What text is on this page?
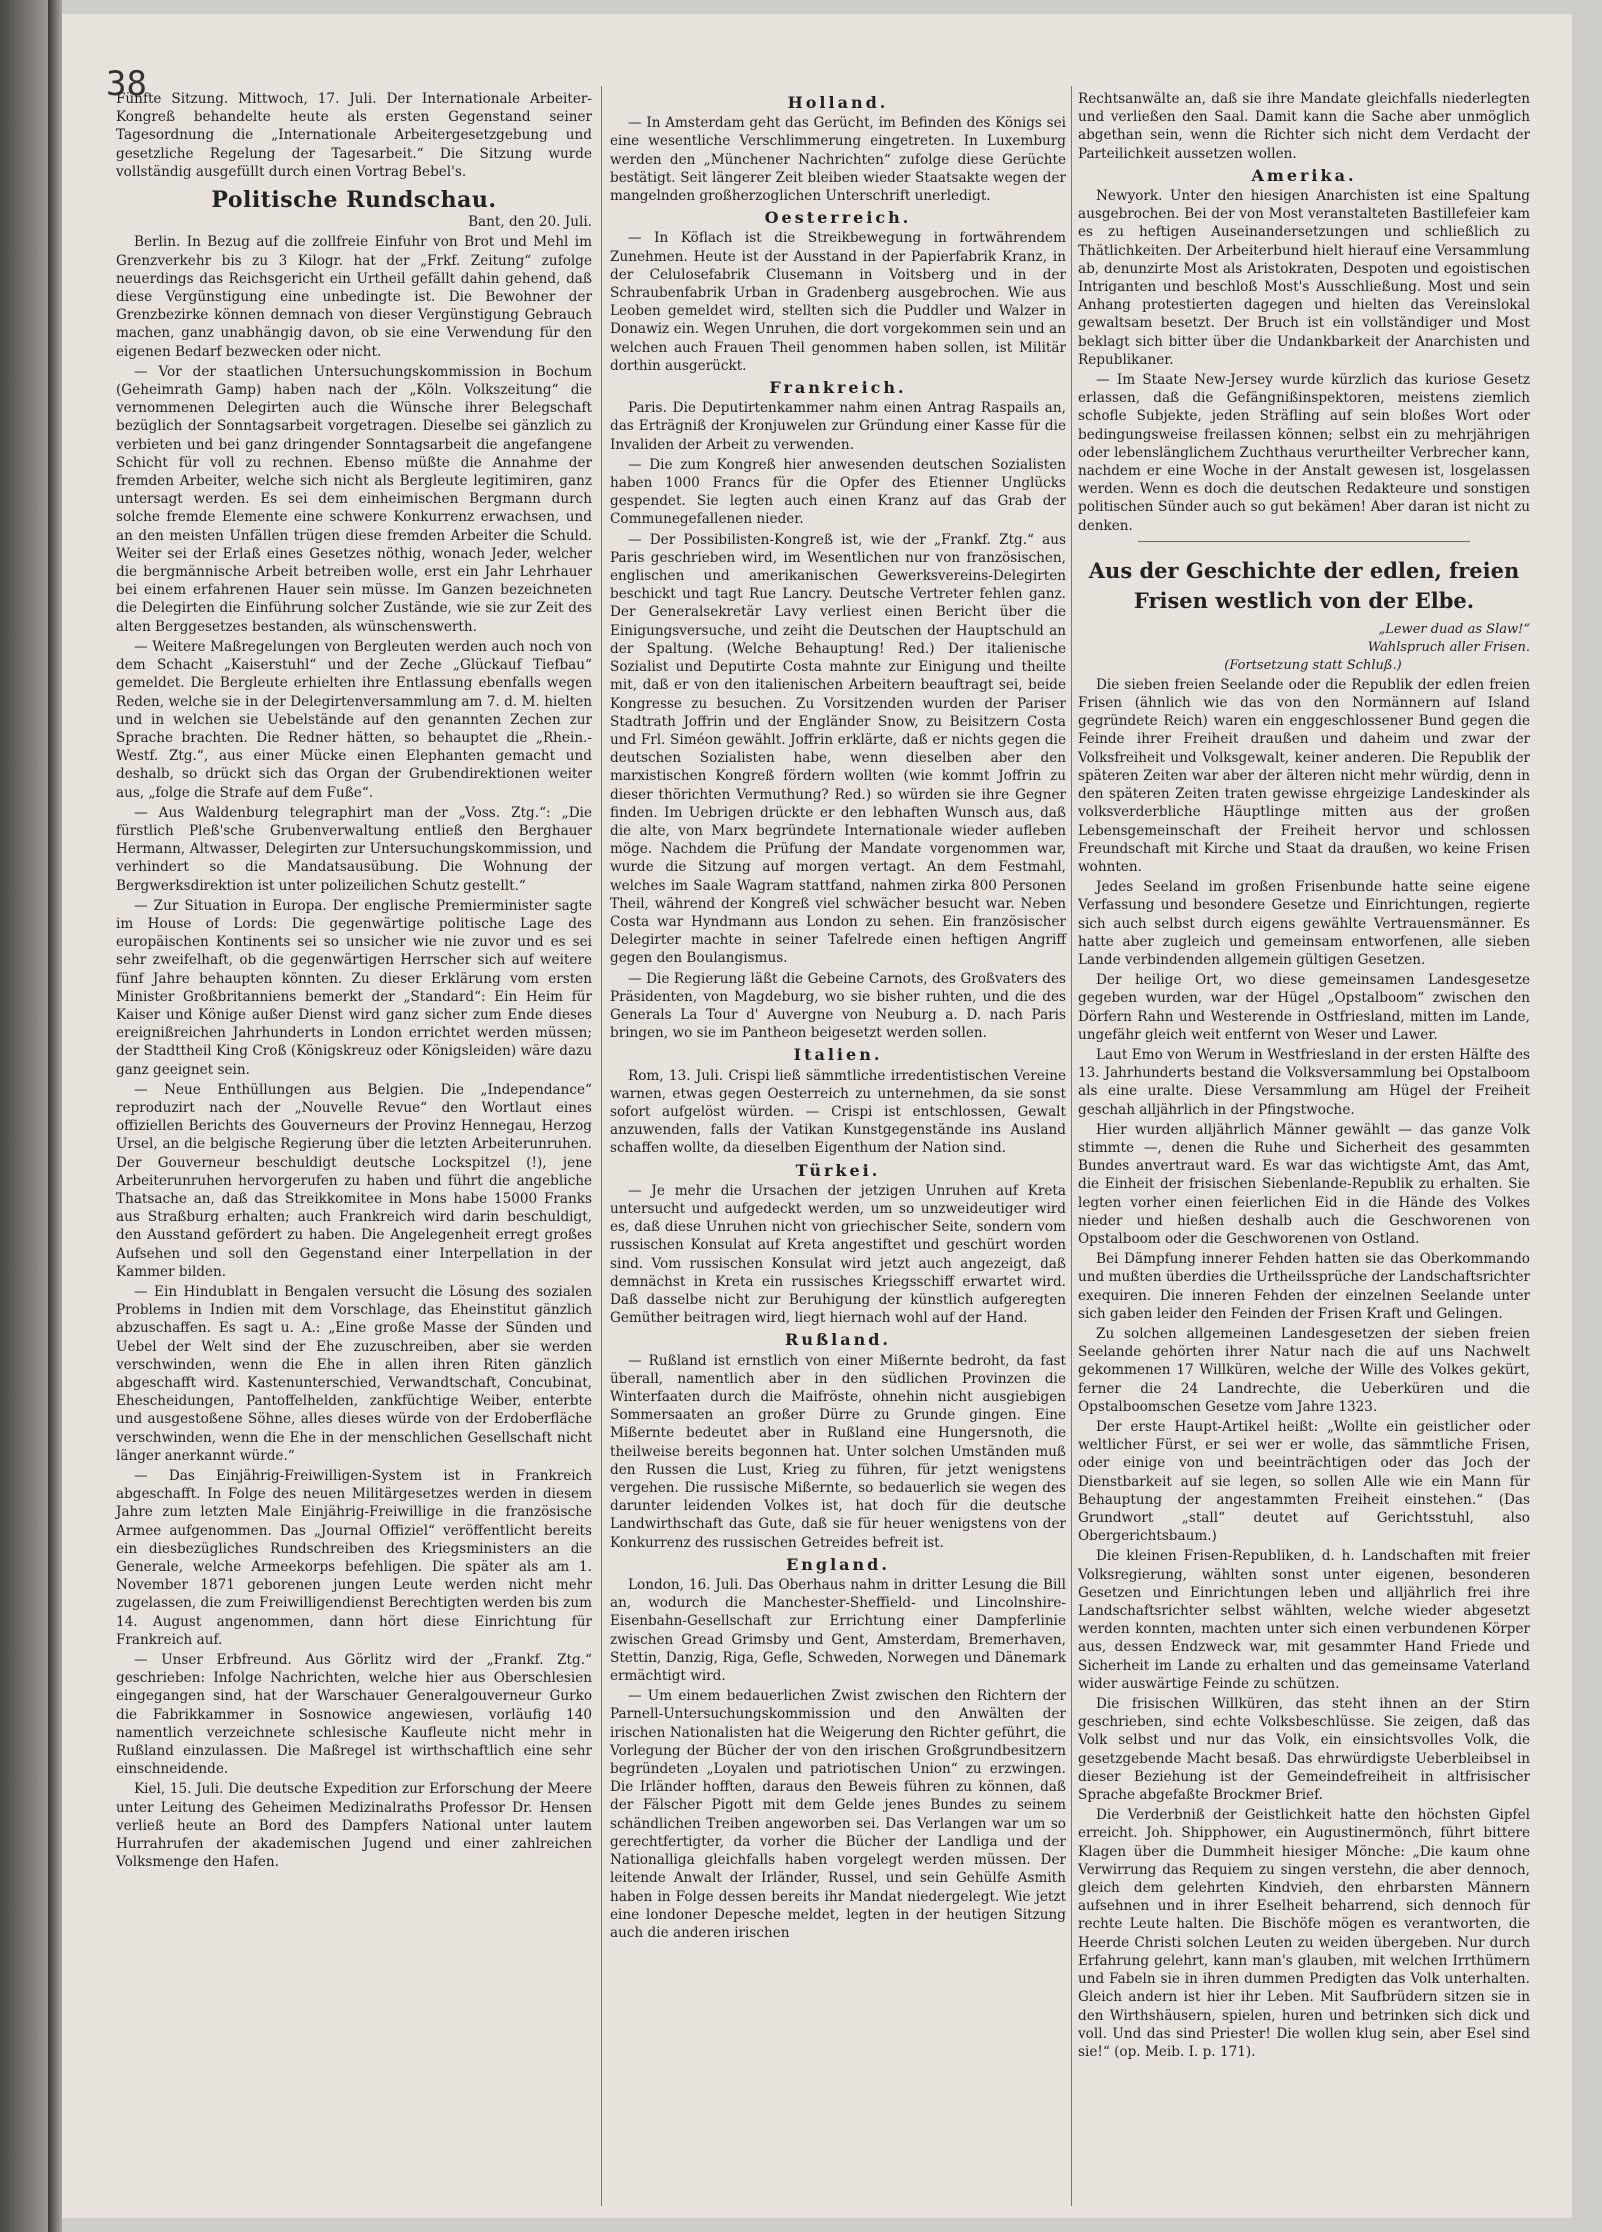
38

Fünfte Sitzung. Mittwoch, 17. Juli. Der Internationale Arbeiter-Kongreß behandelte heute als ersten Gegenstand seiner Tagesordnung die „Internationale Arbeitergesetzgebung und gesetzliche Regelung der Tagesarbeit.“ Die Sitzung wurde vollständig ausgefüllt durch einen Vortrag Bebel's.

Politische Rundschau.
Bant, den 20. Juli.

Berlin. In Bezug auf die zollfreie Einfuhr von Brot und Mehl im Grenzverkehr bis zu 3 Kilogr. hat der „Frkf. Zeitung“ zufolge neuerdings das Reichsgericht ein Urtheil gefällt dahin gehend, daß diese Vergünstigung eine unbedingte ist. Die Bewohner der Grenzbezirke können demnach von dieser Vergünstigung Gebrauch machen, ganz unabhängig davon, ob sie eine Verwendung für den eigenen Bedarf bezwecken oder nicht.

— Vor der staatlichen Untersuchungskommission in Bochum (Geheimrath Gamp) haben nach der „Köln. Volkszeitung“ die vernommenen Delegirten auch die Wünsche ihrer Belegschaft bezüglich der Sonntagsarbeit vorgetragen. Dieselbe sei gänzlich zu verbieten und bei ganz dringender Sonntagsarbeit die angefangene Schicht für voll zu rechnen. Ebenso müßte die Annahme der fremden Arbeiter, welche sich nicht als Bergleute legitimiren, ganz untersagt werden. Es sei dem einheimischen Bergmann durch solche fremde Elemente eine schwere Konkurrenz erwachsen, und an den meisten Unfällen trügen diese fremden Arbeiter die Schuld. Weiter sei der Erlaß eines Gesetzes nöthig, wonach Jeder, welcher die bergmännische Arbeit betreiben wolle, erst ein Jahr Lehrhauer bei einem erfahrenen Hauer sein müsse. Im Ganzen bezeichneten die Delegirten die Einführung solcher Zustände, wie sie zur Zeit des alten Berggesetzes bestanden, als wünschenswerth.

— Weitere Maßregelungen von Bergleuten werden auch noch von dem Schacht „Kaiserstuhl“ und der Zeche „Glückauf Tiefbau“ gemeldet. Die Bergleute erhielten ihre Entlassung ebenfalls wegen Reden, welche sie in der Delegirtenversammlung am 7. d. M. hielten und in welchen sie Uebelstände auf den genannten Zechen zur Sprache brachten. Die Redner hätten, so behauptet die „Rhein.-Westf. Ztg.“, aus einer Mücke einen Elephanten gemacht und deshalb, so drückt sich das Organ der Grubendirektionen weiter aus, „folge die Strafe auf dem Fuße“.

— Aus Waldenburg telegraphirt man der „Voss. Ztg.“: „Die fürstlich Pleß'sche Grubenverwaltung entließ den Berghauer Hermann, Altwasser, Delegirten zur Untersuchungskommission, und verhindert so die Mandatsausübung. Die Wohnung der Bergwerksdirektion ist unter polizeilichen Schutz gestellt.“

— Zur Situation in Europa. Der englische Premierminister sagte im House of Lords: Die gegenwärtige politische Lage des europäischen Kontinents sei so unsicher wie nie zuvor und es sei sehr zweifelhaft, ob die gegenwärtigen Herrscher sich auf weitere fünf Jahre behaupten könnten. Zu dieser Erklärung vom ersten Minister Großbritanniens bemerkt der „Standard“: Ein Heim für Kaiser und Könige außer Dienst wird ganz sicher zum Ende dieses ereignißreichen Jahrhunderts in London errichtet werden müssen; der Stadttheil King Croß (Königskreuz oder Königsleiden) wäre dazu ganz geeignet sein.

— Neue Enthüllungen aus Belgien. Die „Independance“ reproduzirt nach der „Nouvelle Revue“ den Wortlaut eines offiziellen Berichts des Gouverneurs der Provinz Hennegau, Herzog Ursel, an die belgische Regierung über die letzten Arbeiterunruhen. Der Gouverneur beschuldigt deutsche Lockspitzel (!), jene Arbeiterunruhen hervorgerufen zu haben und führt die angebliche Thatsache an, daß das Streikkomitee in Mons habe 15000 Franks aus Straßburg erhalten; auch Frankreich wird darin beschuldigt, den Ausstand gefördert zu haben. Die Angelegenheit erregt großes Aufsehen und soll den Gegenstand einer Interpellation in der Kammer bilden.

— Ein Hindublatt in Bengalen versucht die Lösung des sozialen Problems in Indien mit dem Vorschlage, das Eheinstitut gänzlich abzuschaffen. Es sagt u. A.: „Eine große Masse der Sünden und Uebel der Welt sind der Ehe zuzuschreiben, aber sie werden verschwinden, wenn die Ehe in allen ihren Riten gänzlich abgeschafft wird. Kastenunterschied, Verwandtschaft, Concubinat, Ehescheidungen, Pantoffelhelden, zankfüchtige Weiber, enterbte und ausgestoßene Söhne, alles dieses würde von der Erdoberfläche verschwinden, wenn die Ehe in der menschlichen Gesellschaft nicht länger anerkannt würde.“

— Das Einjährig-Freiwilligen-System ist in Frankreich abgeschafft. In Folge des neuen Militärgesetzes werden in diesem Jahre zum letzten Male Einjährig-Freiwillige in die französische Armee aufgenommen. Das „Journal Offiziel“ veröffentlicht bereits ein diesbezügliches Rundschreiben des Kriegsministers an die Generale, welche Armeekorps befehligen. Die später als am 1. November 1871 geborenen jungen Leute werden nicht mehr zugelassen, die zum Freiwilligendienst Berechtigten werden bis zum 14. August angenommen, dann hört diese Einrichtung für Frankreich auf.

— Unser Erbfreund. Aus Görlitz wird der „Frankf. Ztg.“ geschrieben: Infolge Nachrichten, welche hier aus Oberschlesien eingegangen sind, hat der Warschauer Generalgouverneur Gurko die Fabrikkammer in Sosnowice angewiesen, vorläufig 140 namentlich verzeichnete schlesische Kaufleute nicht mehr in Rußland einzulassen. Die Maßregel ist wirthschaftlich eine sehr einschneidende.

Kiel, 15. Juli. Die deutsche Expedition zur Erforschung der Meere unter Leitung des Geheimen Medizinalraths Professor Dr. Hensen verließ heute an Bord des Dampfers National unter lautem Hurrahrufen der akademischen Jugend und einer zahlreichen Volksmenge den Hafen.

Holland.

— In Amsterdam geht das Gerücht, im Befinden des Königs sei eine wesentliche Verschlimmerung eingetreten. In Luxemburg werden den „Münchener Nachrichten“ zufolge diese Gerüchte bestätigt. Seit längerer Zeit bleiben wieder Staatsakte wegen der mangelnden großherzoglichen Unterschrift unerledigt.

Oesterreich.

— In Köflach ist die Streikbewegung in fortwährendem Zunehmen. Heute ist der Ausstand in der Papierfabrik Kranz, in der Celulosefabrik Clusemann in Voitsberg und in der Schraubenfabrik Urban in Gradenberg ausgebrochen. Wie aus Leoben gemeldet wird, stellten sich die Puddler und Walzer in Donawiz ein. Wegen Unruhen, die dort vorgekommen sein und an welchen auch Frauen Theil genommen haben sollen, ist Militär dorthin ausgerückt.

Frankreich.

Paris. Die Deputirtenkammer nahm einen Antrag Raspails an, das Erträgniß der Kronjuwelen zur Gründung einer Kasse für die Invaliden der Arbeit zu verwenden.

— Die zum Kongreß hier anwesenden deutschen Sozialisten haben 1000 Francs für die Opfer des Etienner Unglücks gespendet. Sie legten auch einen Kranz auf das Grab der Communegefallenen nieder.

— Der Possibilisten-Kongreß ist, wie der „Frankf. Ztg.“ aus Paris geschrieben wird, im Wesentlichen nur von französischen, englischen und amerikanischen Gewerksvereins-Delegirten beschickt und tagt Rue Lancry. Deutsche Vertreter fehlen ganz. Der Generalsekretär Lavy verliest einen Bericht über die Einigungsversuche, und zeiht die Deutschen der Hauptschuld an der Spaltung. (Welche Behauptung! Red.) Der italienische Sozialist und Deputirte Costa mahnte zur Einigung und theilte mit, daß er von den italienischen Arbeitern beauftragt sei, beide Kongresse zu besuchen. Zu Vorsitzenden wurden der Pariser Stadtrath Joffrin und der Engländer Snow, zu Beisitzern Costa und Frl. Siméon gewählt. Joffrin erklärte, daß er nichts gegen die deutschen Sozialisten habe, wenn dieselben aber den marxistischen Kongreß fördern wollten (wie kommt Joffrin zu dieser thörichten Vermuthung? Red.) so würden sie ihre Gegner finden. Im Uebrigen drückte er den lebhaften Wunsch aus, daß die alte, von Marx begründete Internationale wieder aufleben möge. Nachdem die Prüfung der Mandate vorgenommen war, wurde die Sitzung auf morgen vertagt. An dem Festmahl, welches im Saale Wagram stattfand, nahmen zirka 800 Personen Theil, während der Kongreß viel schwächer besucht war. Neben Costa war Hyndmann aus London zu sehen. Ein französischer Delegirter machte in seiner Tafelrede einen heftigen Angriff gegen den Boulangismus.

— Die Regierung läßt die Gebeine Carnots, des Großvaters des Präsidenten, von Magdeburg, wo sie bisher ruhten, und die des Generals La Tour d' Auvergne von Neuburg a. D. nach Paris bringen, wo sie im Pantheon beigesetzt werden sollen.

Italien.

Rom, 13. Juli. Crispi ließ sämmtliche irredentistischen Vereine warnen, etwas gegen Oesterreich zu unternehmen, da sie sonst sofort aufgelöst würden. — Crispi ist entschlossen, Gewalt anzuwenden, falls der Vatikan Kunstgegenstände ins Ausland schaffen wollte, da dieselben Eigenthum der Nation sind.

Türkei.

— Je mehr die Ursachen der jetzigen Unruhen auf Kreta untersucht und aufgedeckt werden, um so unzweideutiger wird es, daß diese Unruhen nicht von griechischer Seite, sondern vom russischen Konsulat auf Kreta angestiftet und geschürt worden sind. Vom russischen Konsulat wird jetzt auch angezeigt, daß demnächst in Kreta ein russisches Kriegsschiff erwartet wird. Daß dasselbe nicht zur Beruhigung der künstlich aufgeregten Gemüther beitragen wird, liegt hiernach wohl auf der Hand.

Rußland.

— Rußland ist ernstlich von einer Mißernte bedroht, da fast überall, namentlich aber in den südlichen Provinzen die Winterfaaten durch die Maifröste, ohnehin nicht ausgiebigen Sommersaaten an großer Dürre zu Grunde gingen. Eine Mißernte bedeutet aber in Rußland eine Hungersnoth, die theilweise bereits begonnen hat. Unter solchen Umständen muß den Russen die Lust, Krieg zu führen, für jetzt wenigstens vergehen. Die russische Mißernte, so bedauerlich sie wegen des darunter leidenden Volkes ist, hat doch für die deutsche Landwirthschaft das Gute, daß sie für heuer wenigstens von der Konkurrenz des russischen Getreides befreit ist.

England.

London, 16. Juli. Das Oberhaus nahm in dritter Lesung die Bill an, wodurch die Manchester-Sheffield- und Lincolnshire-Eisenbahn-Gesellschaft zur Errichtung einer Dampferlinie zwischen Gread Grimsby und Gent, Amsterdam, Bremerhaven, Stettin, Danzig, Riga, Gefle, Schweden, Norwegen und Dänemark ermächtigt wird.

— Um einem bedauerlichen Zwist zwischen den Richtern der Parnell-Untersuchungskommission und den Anwälten der irischen Nationalisten hat die Weigerung den Richter geführt, die Vorlegung der Bücher der von den irischen Großgrundbesitzern begründeten „Loyalen und patriotischen Union“ zu erzwingen. Die Irländer hofften, daraus den Beweis führen zu können, daß der Fälscher Pigott mit dem Gelde jenes Bundes zu seinem schändlichen Treiben angeworben sei. Das Verlangen war um so gerechtfertigter, da vorher die Bücher der Landliga und der Nationalliga gleichfalls haben vorgelegt werden müssen. Der leitende Anwalt der Irländer, Russel, und sein Gehülfe Asmith haben in Folge dessen bereits ihr Mandat niedergelegt. Wie jetzt eine londoner Depesche meldet, legten in der heutigen Sitzung auch die anderen irischen

Rechtsanwälte an, daß sie ihre Mandate gleichfalls niederlegten und verließen den Saal. Damit kann die Sache aber unmöglich abgethan sein, wenn die Richter sich nicht dem Verdacht der Parteilichkeit aussetzen wollen.

Amerika.

Newyork. Unter den hiesigen Anarchisten ist eine Spaltung ausgebrochen. Bei der von Most veranstalteten Bastillefeier kam es zu heftigen Auseinandersetzungen und schließlich zu Thätlichkeiten. Der Arbeiterbund hielt hierauf eine Versammlung ab, denunzirte Most als Aristokraten, Despoten und egoistischen Intriganten und beschloß Most's Ausschließung. Most und sein Anhang protestierten dagegen und hielten das Vereinslokal gewaltsam besetzt. Der Bruch ist ein vollständiger und Most beklagt sich bitter über die Undankbarkeit der Anarchisten und Republikaner.

— Im Staate New-Jersey wurde kürzlich das kuriose Gesetz erlassen, daß die Gefängnißinspektoren, meistens ziemlich schofle Subjekte, jeden Sträfling auf sein bloßes Wort oder bedingungsweise freilassen können; selbst ein zu mehrjährigen oder lebenslänglichem Zuchthaus verurtheilter Verbrecher kann, nachdem er eine Woche in der Anstalt gewesen ist, losgelassen werden. Wenn es doch die deutschen Redakteure und sonstigen politischen Sünder auch so gut bekämen! Aber daran ist nicht zu denken.

Aus der Geschichte der edlen, freien
Frisen westlich von der Elbe.

„Lewer duad as Slaw!“

Wahlspruch aller Frisen.

(Fortsetzung statt Schluß.)

Die sieben freien Seelande oder die Republik der edlen freien Frisen (ähnlich wie das von den Normännern auf Island gegründete Reich) waren ein enggeschlossener Bund gegen die Feinde ihrer Freiheit draußen und daheim und zwar der Volksfreiheit und Volksgewalt, keiner anderen. Die Republik der späteren Zeiten war aber der älteren nicht mehr würdig, denn in den späteren Zeiten traten gewisse ehrgeizige Landeskinder als volksverderbliche Häuptlinge mitten aus der großen Lebensgemeinschaft der Freiheit hervor und schlossen Freundschaft mit Kirche und Staat da draußen, wo keine Frisen wohnten.

Jedes Seeland im großen Frisenbunde hatte seine eigene Verfassung und besondere Gesetze und Einrichtungen, regierte sich auch selbst durch eigens gewählte Vertrauensmänner. Es hatte aber zugleich und gemeinsam entworfenen, alle sieben Lande verbindenden allgemein gültigen Gesetzen.

Der heilige Ort, wo diese gemeinsamen Landesgesetze gegeben wurden, war der Hügel „Opstalboom“ zwischen den Dörfern Rahn und Westerende in Ostfriesland, mitten im Lande, ungefähr gleich weit entfernt von Weser und Lawer.

Laut Emo von Werum in Westfriesland in der ersten Hälfte des 13. Jahrhunderts bestand die Volksversammlung bei Opstalboom als eine uralte. Diese Versammlung am Hügel der Freiheit geschah alljährlich in der Pfingstwoche.

Hier wurden alljährlich Männer gewählt — das ganze Volk stimmte —, denen die Ruhe und Sicherheit des gesammten Bundes anvertraut ward. Es war das wichtigste Amt, das Amt, die Einheit der frisischen Siebenlande-Republik zu erhalten. Sie legten vorher einen feierlichen Eid in die Hände des Volkes nieder und hießen deshalb auch die Geschworenen von Opstalboom oder die Geschworenen von Ostland.

Bei Dämpfung innerer Fehden hatten sie das Oberkommando und mußten überdies die Urtheilssprüche der Landschaftsrichter exequiren. Die inneren Fehden der einzelnen Seelande unter sich gaben leider den Feinden der Frisen Kraft und Gelingen.

Zu solchen allgemeinen Landesgesetzen der sieben freien Seelande gehörten ihrer Natur nach die auf uns Nachwelt gekommenen 17 Willküren, welche der Wille des Volkes gekürt, ferner die 24 Landrechte, die Ueberküren und die Opstalboomschen Gesetze vom Jahre 1323.

Der erste Haupt-Artikel heißt: „Wollte ein geistlicher oder weltlicher Fürst, er sei wer er wolle, das sämmtliche Frisen, oder einige von und beeinträchtigen oder das Joch der Dienstbarkeit auf sie legen, so sollen Alle wie ein Mann für Behauptung der angestammten Freiheit einstehen.“ (Das Grundwort „stall“ deutet auf Gerichtsstuhl, also Obergerichtsbaum.)

Die kleinen Frisen-Republiken, d. h. Landschaften mit freier Volksregierung, wählten sonst unter eigenen, besonderen Gesetzen und Einrichtungen leben und alljährlich frei ihre Landschaftsrichter selbst wählten, welche wieder abgesetzt werden konnten, machten unter sich einen verbundenen Körper aus, dessen Endzweck war, mit gesammter Hand Friede und Sicherheit im Lande zu erhalten und das gemeinsame Vaterland wider auswärtige Feinde zu schützen.

Die frisischen Willküren, das steht ihnen an der Stirn geschrieben, sind echte Volksbeschlüsse. Sie zeigen, daß das Volk selbst und nur das Volk, ein einsichtsvolles Volk, die gesetzgebende Macht besaß. Das ehrwürdigste Ueberbleibsel in dieser Beziehung ist der Gemeindefreiheit in altfrisischer Sprache abgefaßte Brockmer Brief.

Die Verderbniß der Geistlichkeit hatte den höchsten Gipfel erreicht. Joh. Shipphower, ein Augustinermönch, führt bittere Klagen über die Dummheit hiesiger Mönche: „Die kaum ohne Verwirrung das Requiem zu singen verstehn, die aber dennoch, gleich dem gelehrten Kindvieh, den ehrbarsten Männern aufsehnen und in ihrer Eselheit beharrend, sich dennoch für rechte Leute halten. Die Bischöfe mögen es verantworten, die Heerde Christi solchen Leuten zu weiden übergeben. Nur durch Erfahrung gelehrt, kann man's glauben, mit welchen Irrthümern und Fabeln sie in ihren dummen Predigten das Volk unterhalten. Gleich andern ist hier ihr Leben. Mit Saufbrüdern sitzen sie in den Wirthshäusern, spielen, huren und betrinken sich dick und voll. Und das sind Priester! Die wollen klug sein, aber Esel sind sie!“ (op. Meib. I. p. 171).
